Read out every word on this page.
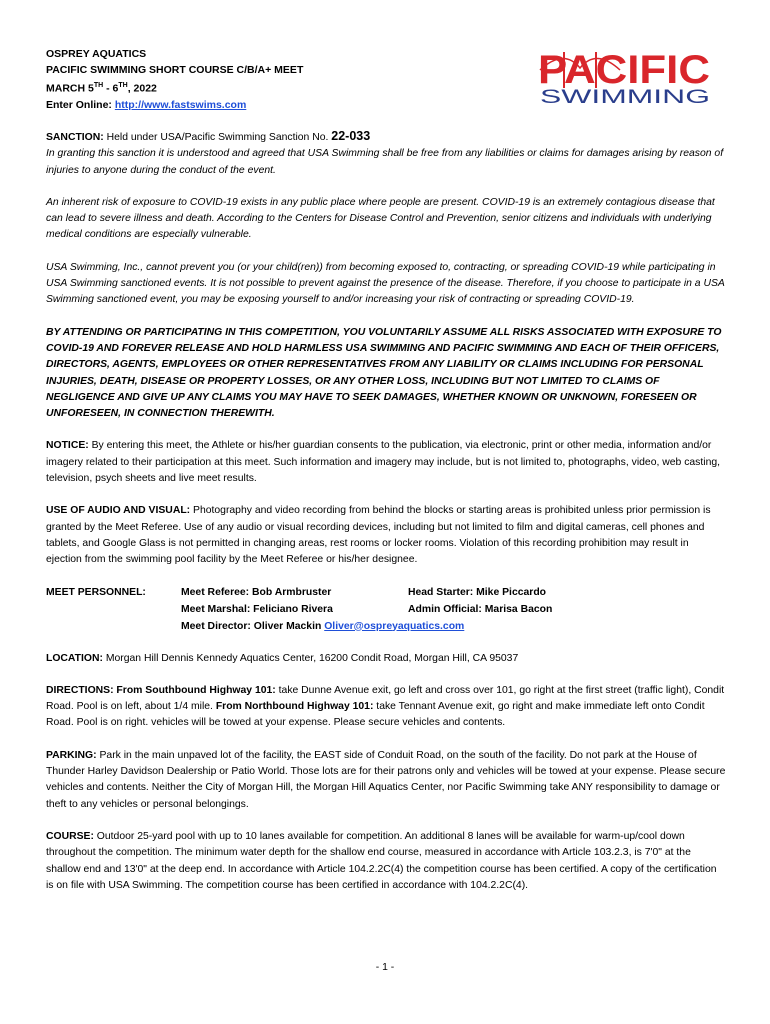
OSPREY AQUATICS
PACIFIC SWIMMING SHORT COURSE C/B/A+ MEET
MARCH 5TH - 6TH, 2022
Enter Online: http://www.fastswims.com
PACIFIC
SWIMMING
SANCTION: Held under USA/Pacific Swimming Sanction No. 22-033

In granting this sanction it is understood and agreed that USA Swimming shall be free from any liabilities or claims for damages arising by reason of injuries to anyone during the conduct of the event.

An inherent risk of exposure to COVID-19 exists in any public place where people are present. COVID-19 is an extremely contagious disease that can lead to severe illness and death. According to the Centers for Disease Control and Prevention, senior citizens and individuals with underlying medical conditions are especially vulnerable.

USA Swimming, Inc., cannot prevent you (or your child(ren)) from becoming exposed to, contracting, or spreading COVID-19 while participating in USA Swimming sanctioned events. It is not possible to prevent against the presence of the disease. Therefore, if you choose to participate in a USA Swimming sanctioned event, you may be exposing yourself to and/or increasing your risk of contracting or spreading COVID-19.

BY ATTENDING OR PARTICIPATING IN THIS COMPETITION, YOU VOLUNTARILY ASSUME ALL RISKS ASSOCIATED WITH EXPOSURE TO COVID-19 AND FOREVER RELEASE AND HOLD HARMLESS USA SWIMMING AND PACIFIC SWIMMING AND EACH OF THEIR OFFICERS, DIRECTORS, AGENTS, EMPLOYEES OR OTHER REPRESENTATIVES FROM ANY LIABILITY OR CLAIMS INCLUDING FOR PERSONAL INJURIES, DEATH, DISEASE OR PROPERTY LOSSES, OR ANY OTHER LOSS, INCLUDING BUT NOT LIMITED TO CLAIMS OF NEGLIGENCE AND GIVE UP ANY CLAIMS YOU MAY HAVE TO SEEK DAMAGES, WHETHER KNOWN OR UNKNOWN, FORESEEN OR UNFORESEEN, IN CONNECTION THEREWITH.

NOTICE: By entering this meet, the Athlete or his/her guardian consents to the publication, via electronic, print or other media, information and/or imagery related to their participation at this meet. Such information and imagery may include, but is not limited to, photographs, video, web casting, television, psych sheets and live meet results.

USE OF AUDIO AND VISUAL: Photography and video recording from behind the blocks or starting areas is prohibited unless prior permission is granted by the Meet Referee. Use of any audio or visual recording devices, including but not limited to film and digital cameras, cell phones and tablets, and Google Glass is not permitted in changing areas, rest rooms or locker rooms. Violation of this recording prohibition may result in ejection from the swimming pool facility by the Meet Referee or his/her designee.

MEET PERSONNEL:	Meet Referee: Bob Armbruster	Head Starter: Mike Piccardo
Meet Marshal: Feliciano Rivera	Admin Official: Marisa Bacon
Meet Director: Oliver Mackin Oliver@ospreyaquatics.com

LOCATION: Morgan Hill Dennis Kennedy Aquatics Center, 16200 Condit Road, Morgan Hill, CA 95037

DIRECTIONS: From Southbound Highway 101: take Dunne Avenue exit, go left and cross over 101, go right at the first street (traffic light), Condit Road. Pool is on left, about 1/4 mile. From Northbound Highway 101: take Tennant Avenue exit, go right and make immediate left onto Condit Road. Pool is on right. vehicles will be towed at your expense. Please secure vehicles and contents.

PARKING: Park in the main unpaved lot of the facility, the EAST side of Conduit Road, on the south of the facility. Do not park at the House of Thunder Harley Davidson Dealership or Patio World. Those lots are for their patrons only and vehicles will be towed at your expense. Please secure vehicles and contents. Neither the City of Morgan Hill, the Morgan Hill Aquatics Center, nor Pacific Swimming take ANY responsibility to damage or theft to any vehicles or personal belongings.

COURSE: Outdoor 25-yard pool with up to 10 lanes available for competition. An additional 8 lanes will be available for warm-up/cool down throughout the competition. The minimum water depth for the shallow end course, measured in accordance with Article 103.2.3, is 7'0" at the shallow end and 13'0" at the deep end. In accordance with Article 104.2.2C(4) the competition course has been certified. A copy of the certification is on file with USA Swimming. The competition course has been certified in accordance with 104.2.2C(4).

- 1 -
